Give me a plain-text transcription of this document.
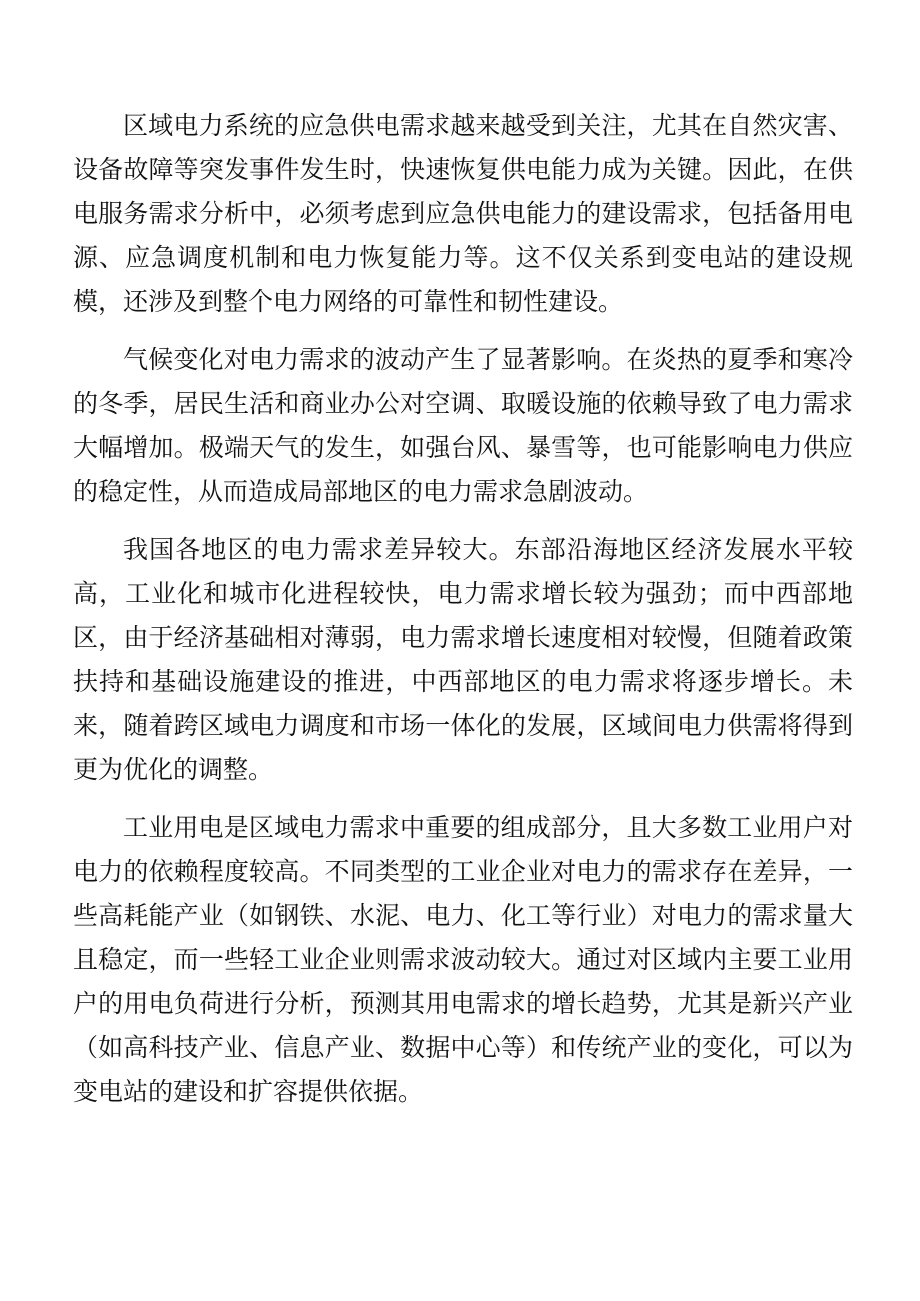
区域电力系统的应急供电需求越来越受到关注，尤其在自然灾害、设备故障等突发事件发生时，快速恢复供电能力成为关键。因此，在供电服务需求分析中，必须考虑到应急供电能力的建设需求，包括备用电源、应急调度机制和电力恢复能力等。这不仅关系到变电站的建设规模，还涉及到整个电力网络的可靠性和韧性建设。

气候变化对电力需求的波动产生了显著影响。在炎热的夏季和寒冷的冬季，居民生活和商业办公对空调、取暖设施的依赖导致了电力需求大幅增加。极端天气的发生，如强台风、暴雪等，也可能影响电力供应的稳定性，从而造成局部地区的电力需求急剧波动。

我国各地区的电力需求差异较大。东部沿海地区经济发展水平较高，工业化和城市化进程较快，电力需求增长较为强劲；而中西部地区，由于经济基础相对薄弱，电力需求增长速度相对较慢，但随着政策扶持和基础设施建设的推进，中西部地区的电力需求将逐步增长。未来，随着跨区域电力调度和市场一体化的发展，区域间电力供需将得到更为优化的调整。

工业用电是区域电力需求中重要的组成部分，且大多数工业用户对电力的依赖程度较高。不同类型的工业企业对电力的需求存在差异，一些高耗能产业（如钢铁、水泥、电力、化工等行业）对电力的需求量大且稳定，而一些轻工业企业则需求波动较大。通过对区域内主要工业用户的用电负荷进行分析，预测其用电需求的增长趋势，尤其是新兴产业（如高科技产业、信息产业、数据中心等）和传统产业的变化，可以为变电站的建设和扩容提供依据。
